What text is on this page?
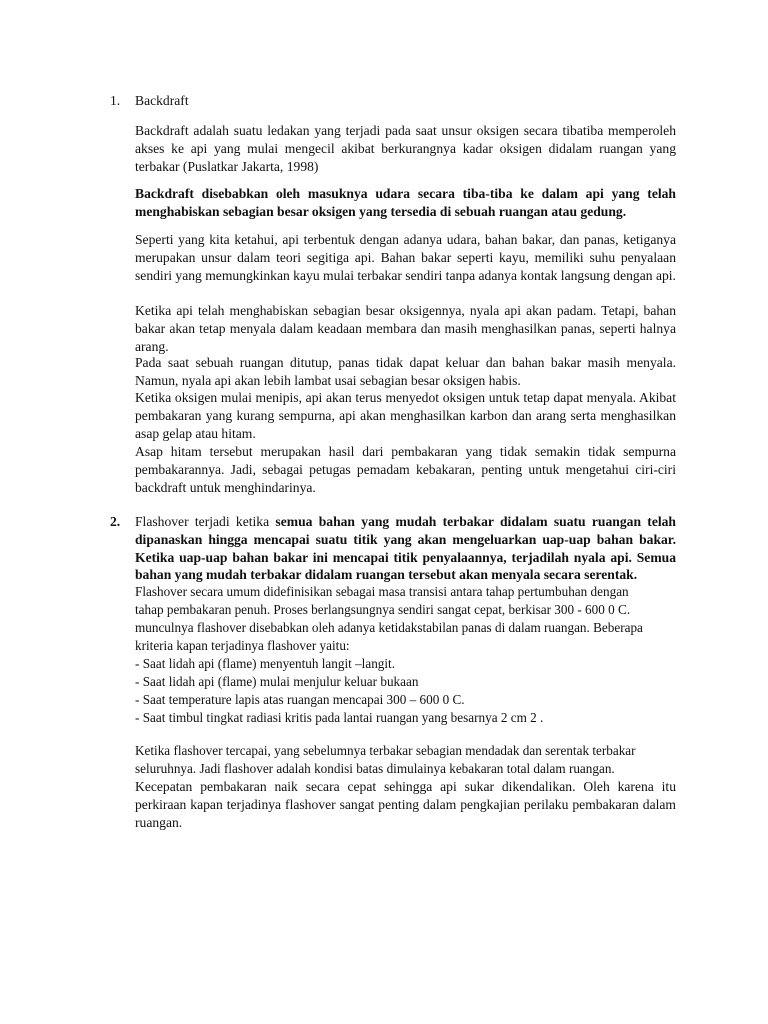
1. Backdraft

Backdraft adalah suatu ledakan yang terjadi pada saat unsur oksigen secara tibatiba memperoleh akses ke api yang mulai mengecil akibat berkurangnya kadar oksigen didalam ruangan yang terbakar (Puslatkar Jakarta, 1998)

Backdraft disebabkan oleh masuknya udara secara tiba-tiba ke dalam api yang telah menghabiskan sebagian besar oksigen yang tersedia di sebuah ruangan atau gedung.

Seperti yang kita ketahui, api terbentuk dengan adanya udara, bahan bakar, dan panas, ketiganya merupakan unsur dalam teori segitiga api. Bahan bakar seperti kayu, memiliki suhu penyalaan sendiri yang memungkinkan kayu mulai terbakar sendiri tanpa adanya kontak langsung dengan api.

Ketika api telah menghabiskan sebagian besar oksigennya, nyala api akan padam. Tetapi, bahan bakar akan tetap menyala dalam keadaan membara dan masih menghasilkan panas, seperti halnya arang.

Pada saat sebuah ruangan ditutup, panas tidak dapat keluar dan bahan bakar masih menyala. Namun, nyala api akan lebih lambat usai sebagian besar oksigen habis.

Ketika oksigen mulai menipis, api akan terus menyedot oksigen untuk tetap dapat menyala. Akibat pembakaran yang kurang sempurna, api akan menghasilkan karbon dan arang serta menghasilkan asap gelap atau hitam.

Asap hitam tersebut merupakan hasil dari pembakaran yang tidak semakin tidak sempurna pembakarannya. Jadi, sebagai petugas pemadam kebakaran, penting untuk mengetahui ciri-ciri backdraft untuk menghindarinya.

2. Flashover terjadi ketika semua bahan yang mudah terbakar didalam suatu ruangan telah dipanaskan hingga mencapai suatu titik yang akan mengeluarkan uap-uap bahan bakar. Ketika uap-uap bahan bakar ini mencapai titik penyalaannya, terjadilah nyala api. Semua bahan yang mudah terbakar didalam ruangan tersebut akan menyala secara serentak.

Flashover secara umum didefinisikan sebagai masa transisi antara tahap pertumbuhan dengan
tahap pembakaran penuh. Proses berlangsungnya sendiri sangat cepat, berkisar 300 - 600 0 C.
munculnya flashover disebabkan oleh adanya ketidakstabilan panas di dalam ruangan. Beberapa
kriteria kapan terjadinya flashover yaitu:
- Saat lidah api (flame) menyentuh langit –langit.
- Saat lidah api (flame) mulai menjulur keluar bukaan
- Saat temperature lapis atas ruangan mencapai 300 – 600 0 C.
- Saat timbul tingkat radiasi kritis pada lantai ruangan yang besarnya 2 cm 2 .
Ketika flashover tercapai, yang sebelumnya terbakar sebagian mendadak dan serentak terbakar
seluruhnya. Jadi flashover adalah kondisi batas dimulainya kebakaran total dalam ruangan.

Kecepatan pembakaran naik secara cepat sehingga api sukar dikendalikan. Oleh karena itu perkiraan kapan terjadinya flashover sangat penting dalam pengkajian perilaku pembakaran dalam ruangan.
